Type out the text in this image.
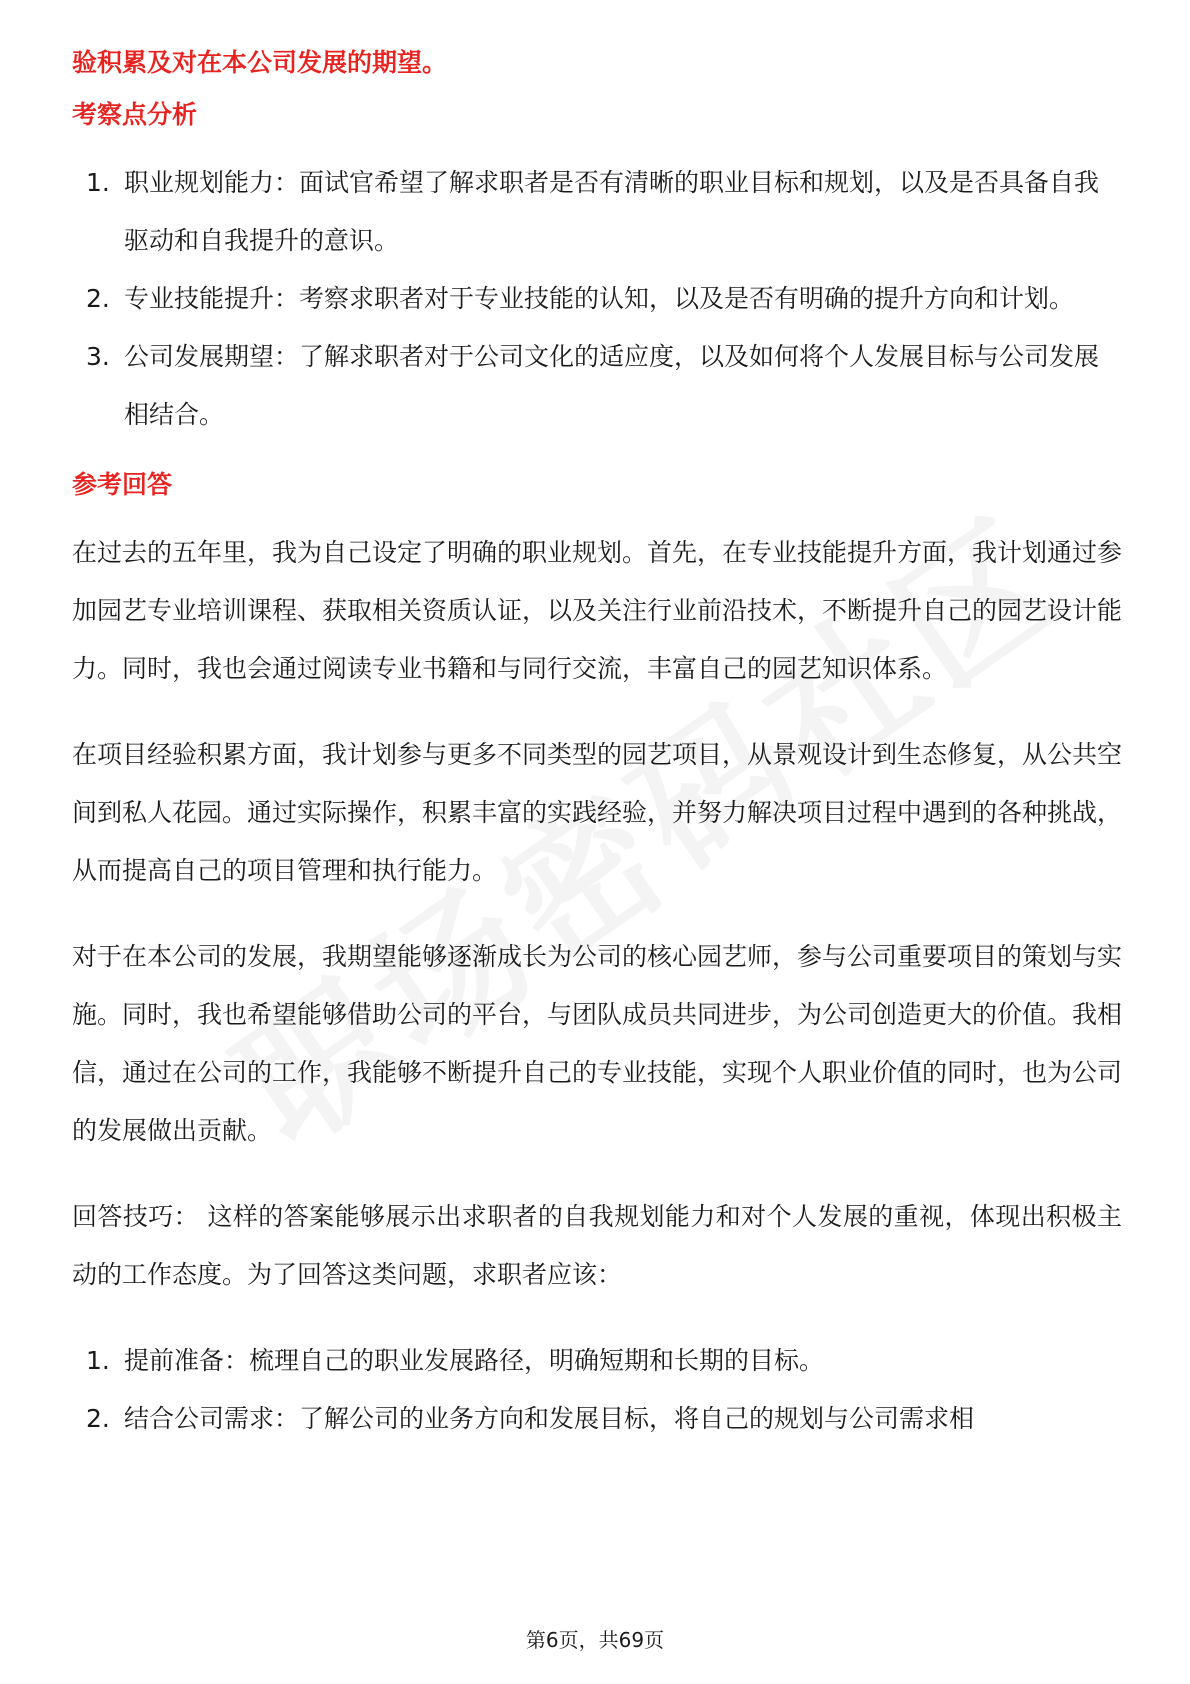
验积累及对在本公司发展的期望。

考察点分析
1. 职业规划能力：面试官希望了解求职者是否有清晰的职业目标和规划，以及是否具备自我驱动和自我提升的意识。
2. 专业技能提升：考察求职者对于专业技能的认知，以及是否有明确的提升方向和计划。
3. 公司发展期望：了解求职者对于公司文化的适应度，以及如何将个人发展目标与公司发展相结合。
参考回答

在过去的五年里，我为自己设定了明确的职业规划。首先，在专业技能提升方面，我计划通过参加园艺专业培训课程、获取相关资质认证，以及关注行业前沿技术，不断提升自己的园艺设计能力。同时，我也会通过阅读专业书籍和与同行交流，丰富自己的园艺知识体系。

在项目经验积累方面，我计划参与更多不同类型的园艺项目，从景观设计到生态修复，从公共空间到私人花园。通过实际操作，积累丰富的实践经验，并努力解决项目过程中遇到的各种挑战，从而提高自己的项目管理和执行能力。

对于在本公司的发展，我期望能够逐渐成长为公司的核心园艺师，参与公司重要项目的策划与实施。同时，我也希望能够借助公司的平台，与团队成员共同进步，为公司创造更大的价值。我相信，通过在公司的工作，我能够不断提升自己的专业技能，实现个人职业价值的同时，也为公司的发展做出贡献。

回答技巧： 这样的答案能够展示出求职者的自我规划能力和对个人发展的重视，体现出积极主动的工作态度。为了回答这类问题，求职者应该：

1. 提前准备：梳理自己的职业发展路径，明确短期和长期的目标。
2. 结合公司需求：了解公司的业务方向和发展目标，将自己的规划与公司需求相
第6页，共69页
